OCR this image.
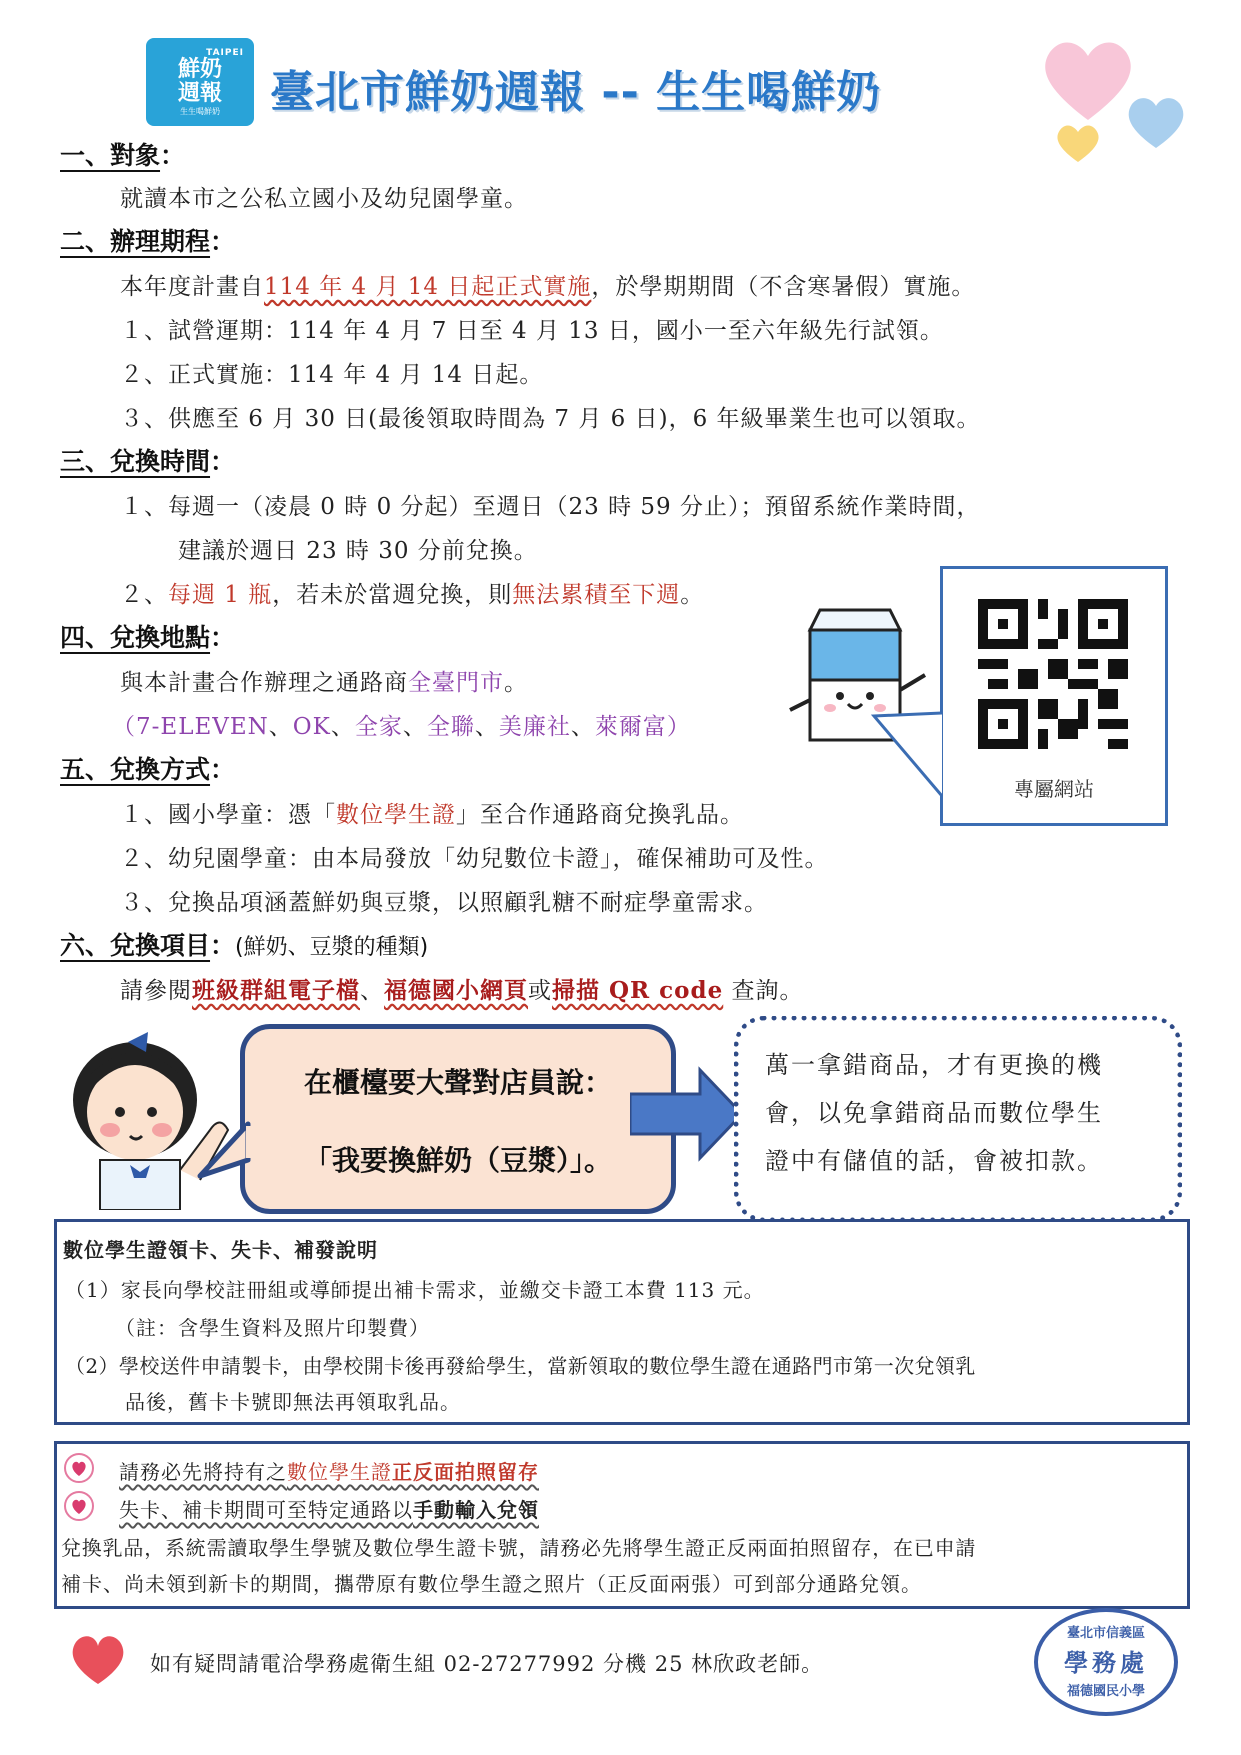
TAIPEI
鮮奶
週報
生生喝鮮奶 臺北市鮮奶週報 -- 生生喝鮮奶
一、對象：
就讀本市之公私立國小及幼兒園學童。
二、辦理期程：
本年度計畫自114 年 4 月 14 日起正式實施，於學期期間（不含寒暑假）實施。
１、試營運期：114 年 4 月 7 日至 4 月 13 日，國小一至六年級先行試領。
２、正式實施：114 年 4 月 14 日起。
３、供應至 6 月 30 日(最後領取時間為 7 月 6 日)，6 年級畢業生也可以領取。
三、兌換時間：
１、每週一（凌晨 0 時 0 分起）至週日（23 時 59 分止）；預留系統作業時間，
建議於週日 23 時 30 分前兌換。
２、每週 1 瓶，若未於當週兌換，則無法累積至下週。
四、兌換地點：
與本計畫合作辦理之通路商全臺門市。
（7-ELEVEN、OK、全家、全聯、美廉社、萊爾富）
專屬網站
五、兌換方式：
１、國小學童：憑「數位學生證」至合作通路商兌換乳品。
２、幼兒園學童：由本局發放「幼兒數位卡證」，確保補助可及性。
３、兌換品項涵蓋鮮奶與豆漿，以照顧乳糖不耐症學童需求。
六、兌換項目：(鮮奶、豆漿的種類)
請參閱班級群組電子檔、福德國小網頁或掃描 QR code 查詢。
在櫃檯要大聲對店員說：
「我要換鮮奶（豆漿）」。
萬一拿錯商品，才有更換的機
會，以免拿錯商品而數位學生
證中有儲值的話，會被扣款。
數位學生證領卡、失卡、補發說明
（1）家長向學校註冊組或導師提出補卡需求，並繳交卡證工本費 113 元。
（註：含學生資料及照片印製費）
（2）學校送件申請製卡，由學校開卡後再發給學生，當新領取的數位學生證在通路門市第一次兌領乳
品後，舊卡卡號即無法再領取乳品。
請務必先將持有之數位學生證正反面拍照留存
失卡、補卡期間可至特定通路以手動輸入兌領
兌換乳品，系統需讀取學生學號及數位學生證卡號，請務必先將學生證正反兩面拍照留存，在已申請
補卡、尚未領到新卡的期間，攜帶原有數位學生證之照片（正反面兩張）可到部分通路兌領。
如有疑問請電洽學務處衛生組 02-27277992 分機 25 林欣政老師。
臺北市信義區
學務處
福德國民小學
